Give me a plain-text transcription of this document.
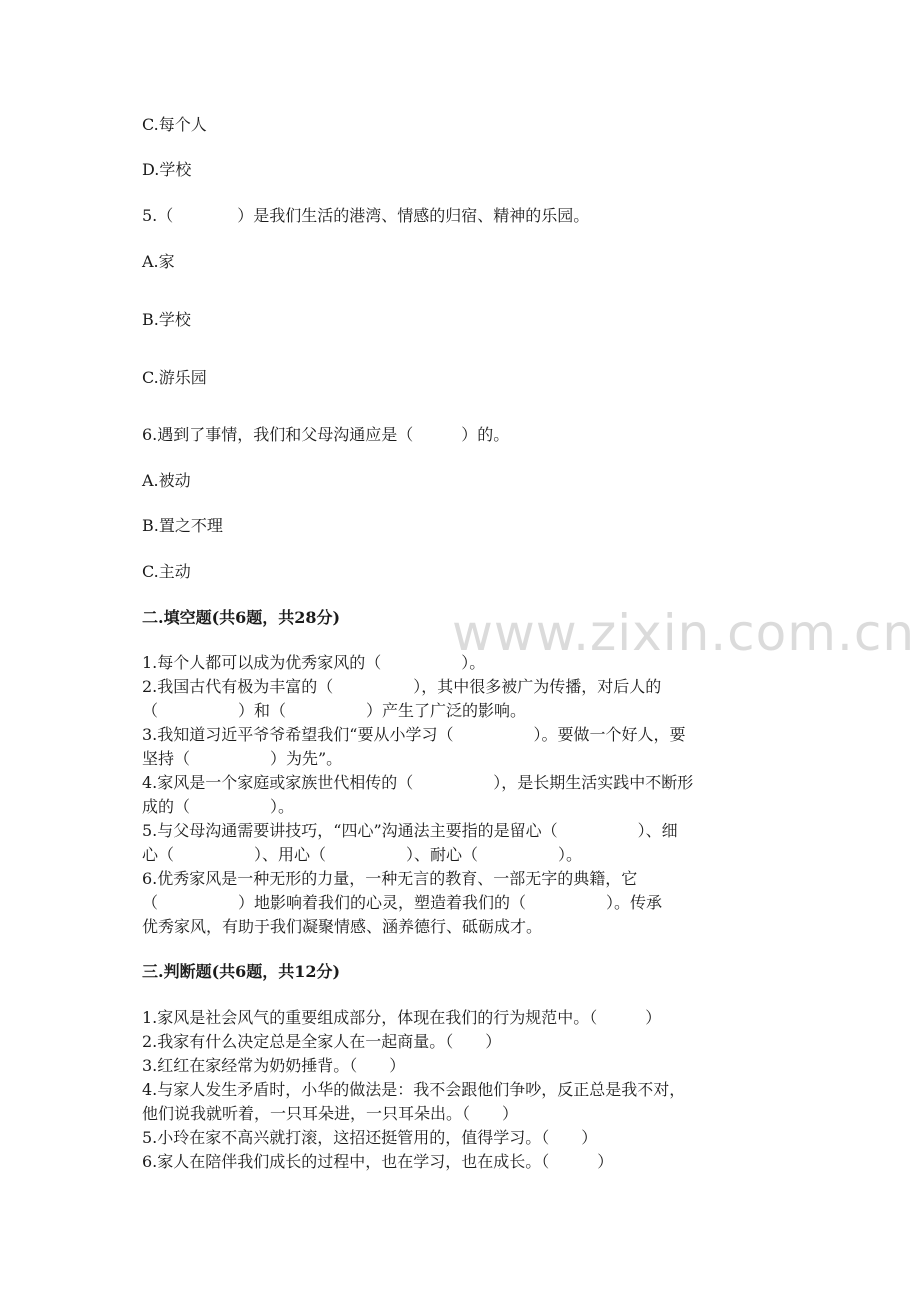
www.zixin.com.cn
C.每个人
D.学校
5.（　　　　）是我们生活的港湾、情感的归宿、精神的乐园。
A.家
B.学校
C.游乐园
6.遇到了事情，我们和父母沟通应是（　　　）的。
A.被动
B.置之不理
C.主动
二.填空题(共6题，共28分)
1.每个人都可以成为优秀家风的（　　　　　）。
2.我国古代有极为丰富的（　　　　　），其中很多被广为传播，对后人的
（　　　　　）和（　　　　　）产生了广泛的影响。
3.我知道习近平爷爷希望我们“要从小学习（　　　　　）。要做一个好人，要
坚持（　　　　　）为先”。
4.家风是一个家庭或家族世代相传的（　　　　　），是长期生活实践中不断形
成的（　　　　　）。
5.与父母沟通需要讲技巧，“四心”沟通法主要指的是留心（　　　　　）、细
心（　　　　　）、用心（　　　　　）、耐心（　　　　　）。
6.优秀家风是一种无形的力量，一种无言的教育、一部无字的典籍，它
（　　　　　）地影响着我们的心灵，塑造着我们的（　　　　　）。传承
优秀家风，有助于我们凝聚情感、涵养德行、砥砺成才。
三.判断题(共6题，共12分)
1.家风是社会风气的重要组成部分，体现在我们的行为规范中。（　　　）
2.我家有什么决定总是全家人在一起商量。（　　）
3.红红在家经常为奶奶捶背。（　　）
4.与家人发生矛盾时，小华的做法是：我不会跟他们争吵，反正总是我不对，
他们说我就听着，一只耳朵进，一只耳朵出。（　　）
5.小玲在家不高兴就打滚，这招还挺管用的，值得学习。（　　）
6.家人在陪伴我们成长的过程中，也在学习，也在成长。（　　　）
